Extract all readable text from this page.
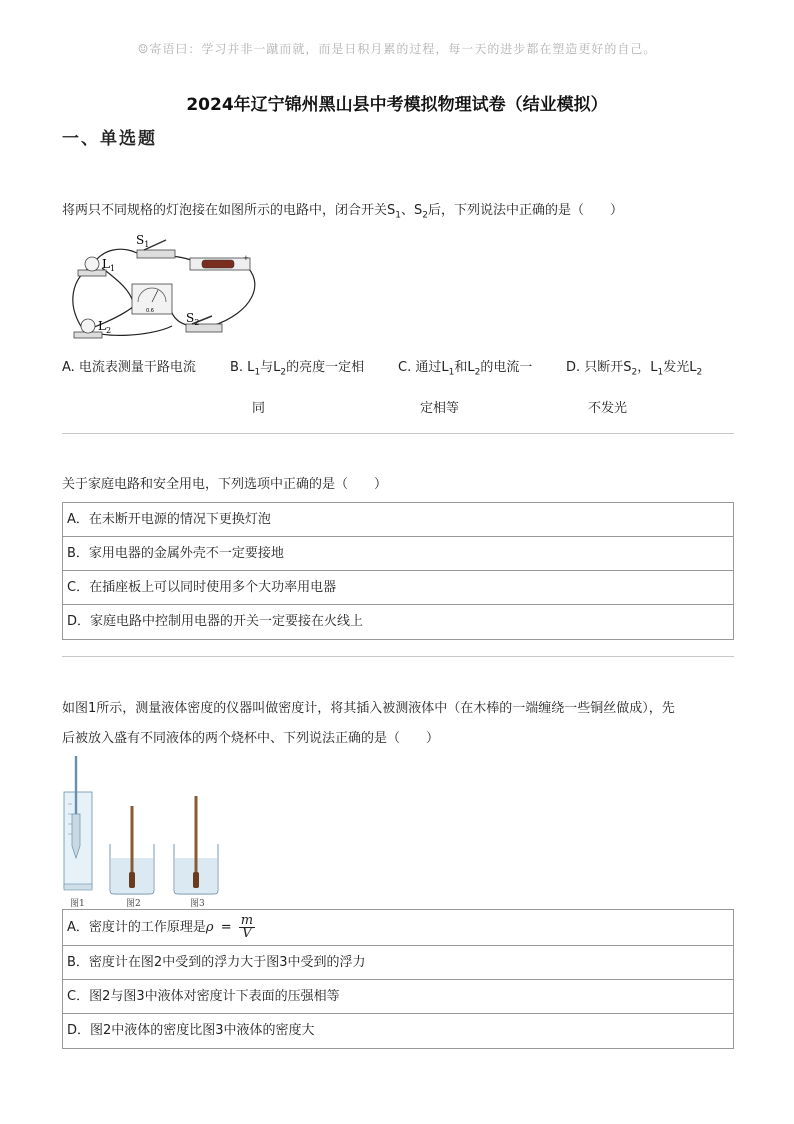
☺寄语曰：学习并非一蹴而就，而是日积月累的过程，每一天的进步都在塑造更好的自己。
2024年辽宁锦州黑山县中考模拟物理试卷（结业模拟）
一、单选题
将两只不同规格的灯泡接在如图所示的电路中，闭合开关$S_1$、$S_2$后，下列说法中正确的是（　　）
$S_1$
+
$L_1$
0.6
$L_2$
$S_2$
A. 电流表测量干路电流	B. $L_1$与$L_2$的亮度一定相
同
C. 通过$L_1$和$L_2$的电流一
定相等
D. 只断开$S_2$，$L_1$发光$L_2$
不发光
关于家庭电路和安全用电，下列选项中正确的是（　　）
A．在未断开电源的情况下更换灯泡
B．家用电器的金属外壳不一定要接地
C．在插座板上可以同时使用多个大功率用电器
D．家庭电路中控制用电器的开关一定要接在火线上
如图1所示，测量液体密度的仪器叫做密度计，将其插入被测液体中（在木棒的一端缠绕一些铜丝做成），先
后被放入盛有不同液体的两个烧杯中、下列说法正确的是（　　）
图1	图2	图3
A．密度计的工作原理是$\rho = \frac{m}{V}$
B．密度计在图2中受到的浮力大于图3中受到的浮力
C．图2与图3中液体对密度计下表面的压强相等
D．图2中液体的密度比图3中液体的密度大
